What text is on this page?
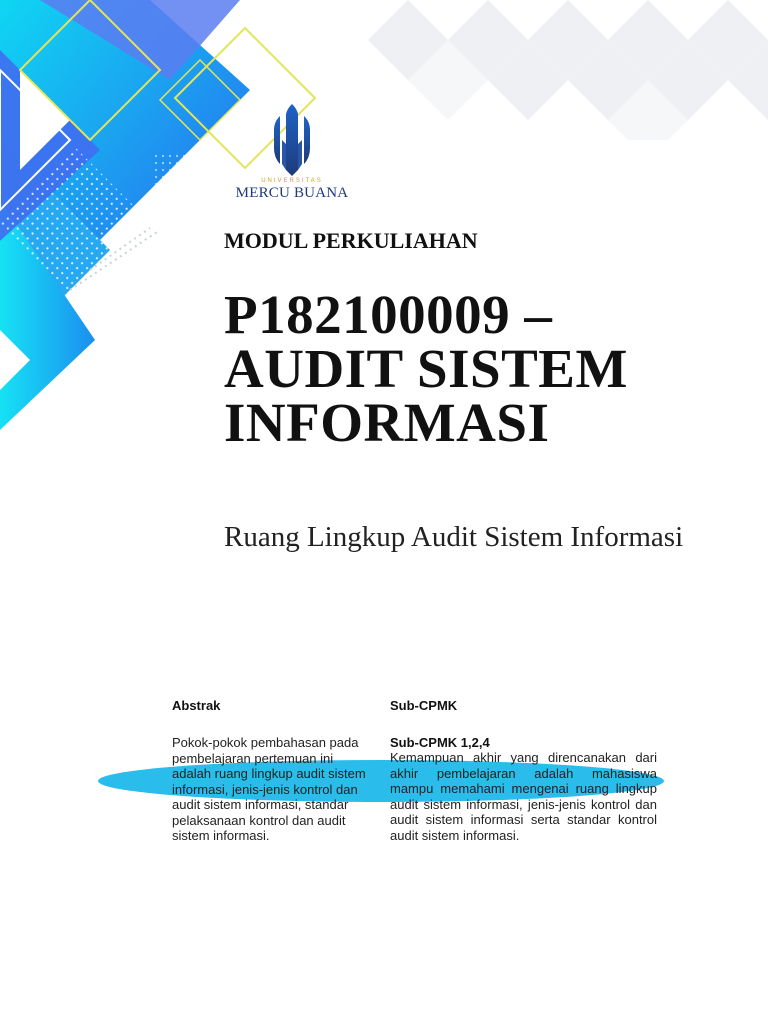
UNIVERSITAS
MERCU BUANA
MODUL PERKULIAHAN
P182100009 –
AUDIT SISTEM
INFORMASI
Ruang Lingkup Audit Sistem Informasi
Abstrak
Pokok-pokok pembahasan pada pembelajaran pertemuan ini adalah ruang lingkup audit sistem informasi, jenis-jenis kontrol dan audit sistem informasi, standar pelaksanaan kontrol dan audit sistem informasi.
Sub-CPMK
Sub-CPMK 1,2,4
Kemampuan akhir yang direncanakan dari akhir pembelajaran adalah mahasiswa mampu memahami mengenai ruang lingkup audit sistem informasi, jenis-jenis kontrol dan audit sistem informasi serta standar kontrol audit sistem informasi.
